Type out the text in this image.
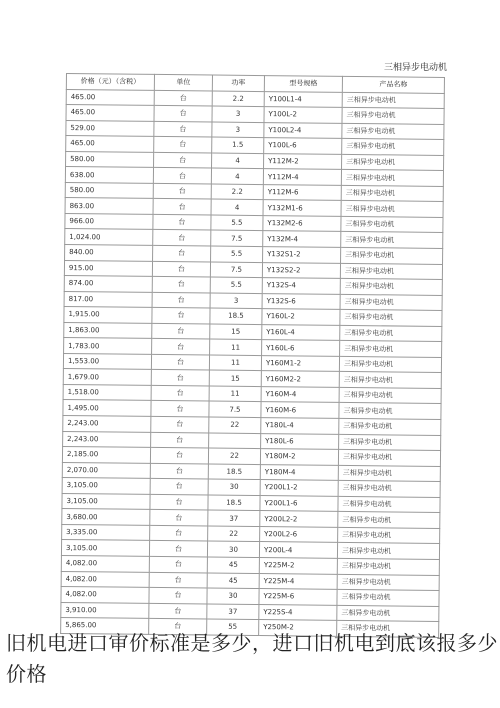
三相异步电动机
价格（元）（含税）	单位	功率	型号规格	产品名称
465.00	台	2.2	Y100L1-4	三相异步电动机
465.00	台	3	Y100L-2	三相异步电动机
529.00	台	3	Y100L2-4	三相异步电动机
465.00	台	1.5	Y100L-6	三相异步电动机
580.00	台	4	Y112M-2	三相异步电动机
638.00	台	4	Y112M-4	三相异步电动机
580.00	台	2.2	Y112M-6	三相异步电动机
863.00	台	4	Y132M1-6	三相异步电动机
966.00	台	5.5	Y132M2-6	三相异步电动机
1,024.00	台	7.5	Y132M-4	三相异步电动机
840.00	台	5.5	Y132S1-2	三相异步电动机
915.00	台	7.5	Y132S2-2	三相异步电动机
874.00	台	5.5	Y132S-4	三相异步电动机
817.00	台	3	Y132S-6	三相异步电动机
1,915.00	台	18.5	Y160L-2	三相异步电动机
1,863.00	台	15	Y160L-4	三相异步电动机
1,783.00	台	11	Y160L-6	三相异步电动机
1,553.00	台	11	Y160M1-2	三相异步电动机
1,679.00	台	15	Y160M2-2	三相异步电动机
1,518.00	台	11	Y160M-4	三相异步电动机
1,495.00	台	7.5	Y160M-6	三相异步电动机
2,243.00	台	22	Y180L-4	三相异步电动机
2,243.00	台		Y180L-6	三相异步电动机
2,185.00	台	22	Y180M-2	三相异步电动机
2,070.00	台	18.5	Y180M-4	三相异步电动机
3,105.00	台	30	Y200L1-2	三相异步电动机
3,105.00	台	18.5	Y200L1-6	三相异步电动机
3,680.00	台	37	Y200L2-2	三相异步电动机
3,335.00	台	22	Y200L2-6	三相异步电动机
3,105.00	台	30	Y200L-4	三相异步电动机
4,082.00	台	45	Y225M-2	三相异步电动机
4,082.00	台	45	Y225M-4	三相异步电动机
4,082.00	台	30	Y225M-6	三相异步电动机
3,910.00	台	37	Y225S-4	三相异步电动机
5,865.00	台	55	Y250M-2	三相异步电动机
旧机电进口审价标准是多少，进口旧机电到底该报多少价格
